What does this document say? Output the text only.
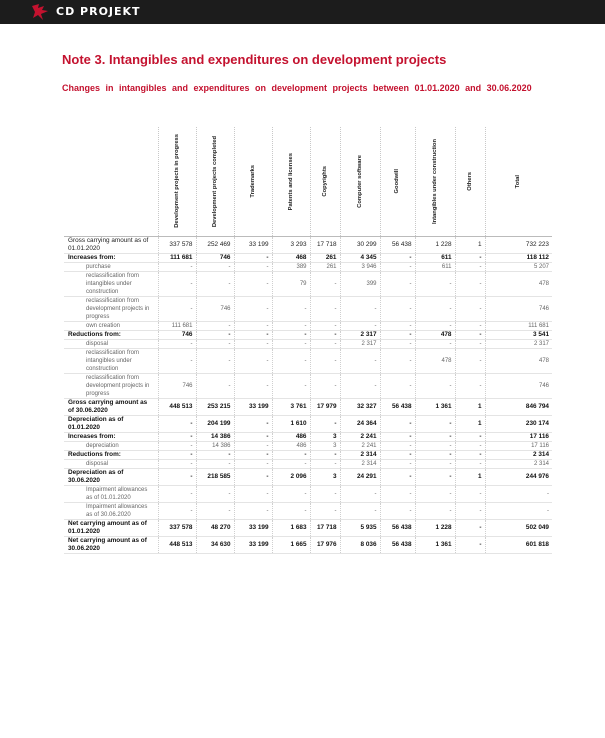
CD PROJEKT
Note 3. Intangibles and expenditures on development projects
Changes in intangibles and expenditures on development projects between 01.01.2020 and 30.06.2020

	Development projects in progress	Development projects completed	Trademarks	Patents and licenses	Copyrights	Computer software	Goodwill	Intangibles under construction	Others	Total

Gross carrying amount as of 01.01.2020	337 578	252 469	33 199	3 293	17 718	30 299	56 438	1 228	1	732 223
Increases from:	111 681	746	-	468	261	4 345	-	611	-	118 112
purchase	-	-	-	389	261	3 946	-	611	-	5 207
reclassification from intangibles under construction	-	-	-	79	-	399	-	-	-	478
reclassification from development projects in progress	-	746	-	-	-	-	-	-	-	746
own creation	111 681	-	-	-	-	-	-	-	-	111 681
Reductions from:	746	-	-	-	-	2 317	-	478	-	3 541
disposal	-	-	-	-	-	2 317	-	-	-	2 317
reclassification from intangibles under construction	-	-	-	-	-	-	-	478	-	478
reclassification from development projects in progress	746	-	-	-	-	-	-	-	-	746
Gross carrying amount as of 30.06.2020	448 513	253 215	33 199	3 761	17 979	32 327	56 438	1 361	1	846 794
Depreciation as of 01.01.2020	-	204 199	-	1 610	-	24 364	-	-	1	230 174
Increases from:	-	14 386	-	486	3	2 241	-	-	-	17 116
depreciation	-	14 386	-	486	3	2 241	-	-	-	17 116
Reductions from:	-	-	-	-	-	2 314	-	-	-	2 314
disposal	-	-	-	-	-	2 314	-	-	-	2 314
Depreciation as of 30.06.2020	-	218 585	-	2 096	3	24 291	-	-	1	244 976
Impairment allowances as of 01.01.2020	-	-	-	-	-	-	-	-	-	-
Impairment allowances as of 30.06.2020	-	-	-	-	-	-	-	-	-	-
Net carrying amount as of 01.01.2020	337 578	48 270	33 199	1 683	17 718	5 935	56 438	1 228	-	502 049
Net carrying amount as of 30.06.2020	448 513	34 630	33 199	1 665	17 976	8 036	56 438	1 361	-	601 818
